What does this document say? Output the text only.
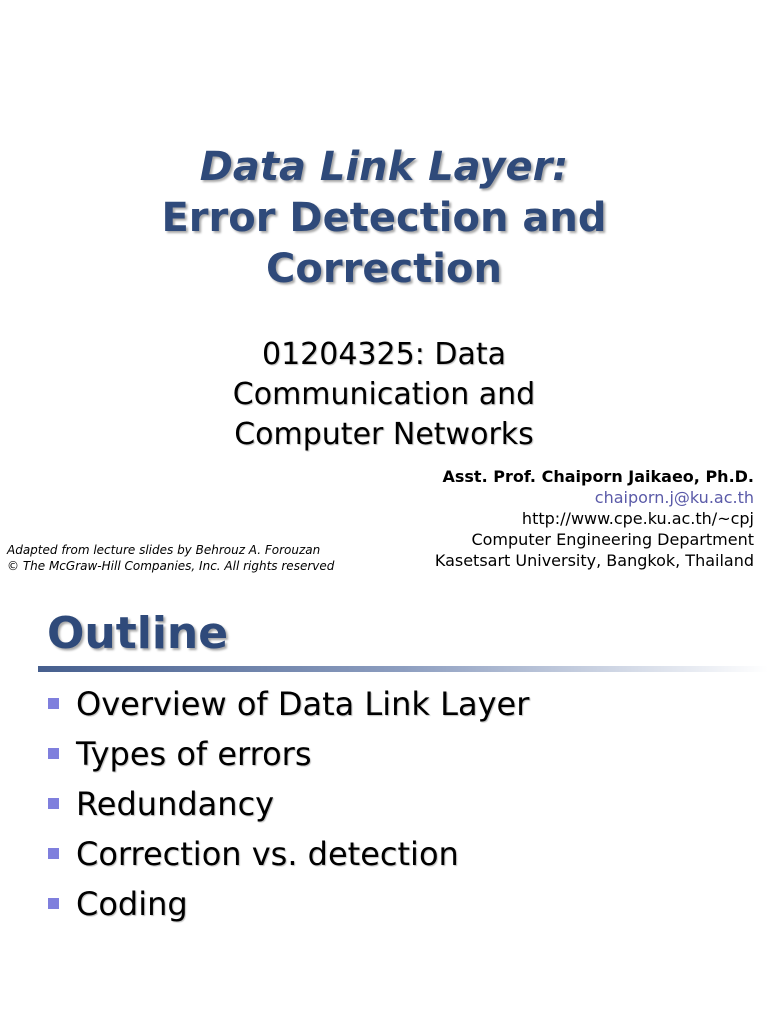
Data Link Layer:
Error Detection and
Correction
01204325: Data
Communication and
Computer Networks
Asst. Prof. Chaiporn Jaikaeo, Ph.D.
chaiporn.j@ku.ac.th
http://www.cpe.ku.ac.th/~cpj
Computer Engineering Department
Kasetsart University, Bangkok, Thailand
Adapted from lecture slides by Behrouz A. Forouzan
© The McGraw-Hill Companies, Inc. All rights reserved
Outline
Overview of Data Link Layer
Types of errors
Redundancy
Correction vs. detection
Coding
